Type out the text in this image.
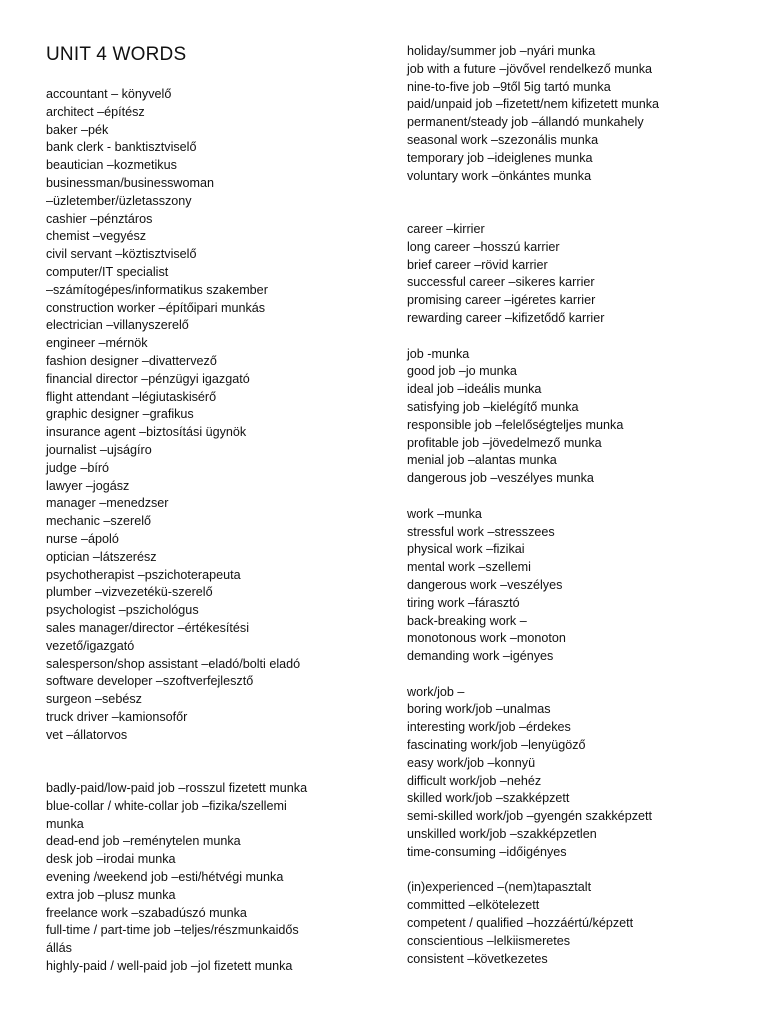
UNIT 4 WORDS
accountant – könyvelő
architect –építész
baker –pék
bank clerk - banktisztviselő
beautician –kozmetikus
businessman/businesswoman
–üzletember/üzletasszony
cashier –pénztáros
chemist –vegyész
civil servant –köztisztviselő
computer/IT specialist
–számítogépes/informatikus szakember
construction worker –építőipari munkás
electrician –villanyszerelő
engineer –mérnök
fashion designer –divattervező
financial director –pénzügyi igazgató
flight attendant –légiutaskisérő
graphic designer –grafikus
insurance agent –biztosítási ügynök
journalist –ujságíro
judge –bíró
lawyer –jogász
manager –menedzser
mechanic –szerelő
nurse –ápoló
optician –látszerész
psychotherapist –pszichoterapeuta
plumber –vizvezetékü-szerelő
psychologist –pszichológus
sales manager/director –értékesítési
vezető/igazgató
salesperson/shop assistant –eladó/bolti eladó
software developer –szoftverfejlesztő
surgeon –sebész
truck driver –kamionsofőr
vet –állatorvos
badly-paid/low-paid job –rosszul fizetett munka
blue-collar / white-collar job –fizika/szellemi
munka
dead-end job –reménytelen munka
desk job –irodai munka
evening /weekend job –esti/hétvégi munka
extra job –plusz munka
freelance work –szabadúszó munka
full-time / part-time job –teljes/részmunkaidős
állás
highly-paid / well-paid job –jol fizetett munka
holiday/summer job –nyári munka
job with a future –jövővel rendelkező munka
nine-to-five job –9től 5ig tartó munka
paid/unpaid job –fizetett/nem kifizetett munka
permanent/steady job –állandó munkahely
seasonal work –szezonális munka
temporary job –ideiglenes munka
voluntary work –önkántes munka
career –kirrier
long career –hosszú karrier
brief career –rövid karrier
successful career –sikeres karrier
promising career –igéretes karrier
rewarding career –kifizetődő karrier
job -munka
good job –jo munka
ideal job –ideális munka
satisfying job –kielégítő munka
responsible job –felelőségteljes munka
profitable job –jövedelmező munka
menial job –alantas munka
dangerous job –veszélyes munka
work –munka
stressful work –stresszees
physical work –fizikai
mental work –szellemi
dangerous work –veszélyes
tiring work –fárasztó
back-breaking work –
monotonous work –monoton
demanding work –igényes
work/job –
boring work/job –unalmas
interesting work/job –érdekes
fascinating work/job –lenyügöző
easy work/job –konnyü
difficult work/job –nehéz
skilled work/job –szakképzett
semi-skilled work/job –gyengén szakképzett
unskilled work/job –szakképzetlen
time-consuming –időigényes
(in)experienced –(nem)tapasztalt
committed –elkötelezett
competent / qualified –hozzáértú/képzett
conscientious –lelkiismeretes
consistent –következetes
